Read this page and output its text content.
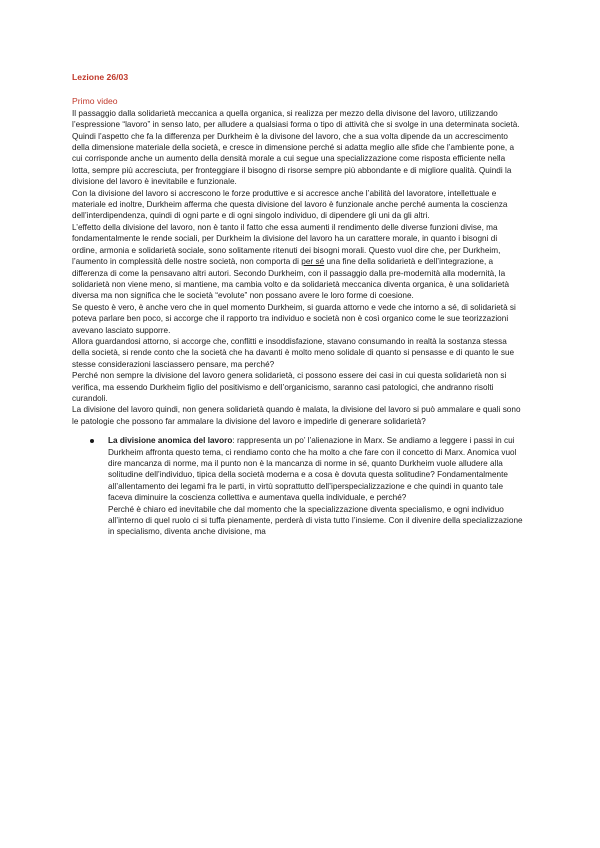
Lezione 26/03
Primo video

Il passaggio dalla solidarietà meccanica a quella organica, si realizza per mezzo della divisone del lavoro, utilizzando l’espressione “lavoro” in senso lato, per alludere a qualsiasi forma o tipo di attività che si svolge in una determinata società.

Quindi l’aspetto che fa la differenza per Durkheim è la divisone del lavoro, che a sua volta dipende da un accrescimento della dimensione materiale della società, e cresce in dimensione perché si adatta meglio alle sfide che l’ambiente pone, a cui corrisponde anche un aumento della densità morale a cui segue una specializzazione come risposta efficiente nella lotta, sempre più accresciuta, per fronteggiare il bisogno di risorse sempre più abbondante e di migliore qualità. Quindi la divisione del lavoro è inevitabile e funzionale.

Con la divisione del lavoro si accrescono le forze produttive e si accresce anche l’abilità del lavoratore, intellettuale e materiale ed inoltre, Durkheim afferma che questa divisione del lavoro è funzionale anche perché aumenta la coscienza dell’interdipendenza, quindi di ogni parte e di ogni singolo individuo, di dipendere gli uni da gli altri.

L’effetto della divisione del lavoro, non è tanto il fatto che essa aumenti il rendimento delle diverse funzioni divise, ma fondamentalmente le rende sociali, per Durkheim la divisione del lavoro ha un carattere morale, in quanto i bisogni di ordine, armonia e solidarietà sociale, sono solitamente ritenuti dei bisogni morali. Questo vuol dire che, per Durkheim, l’aumento in complessità delle nostre società, non comporta di per sé una fine della solidarietà e dell’integrazione, a differenza di come la pensavano altri autori. Secondo Durkheim, con il passaggio dalla pre-modernità alla modernità, la solidarietà non viene meno, si mantiene, ma cambia volto e da solidarietà meccanica diventa organica, è una solidarietà diversa ma non significa che le società “evolute” non possano avere le loro forme di coesione.

Se questo è vero, è anche vero che in quel momento Durkheim, si guarda attorno e vede che intorno a sé, di solidarietà si poteva parlare ben poco, si accorge che il rapporto tra individuo e società non è così organico come le sue teorizzazioni avevano lasciato supporre.

Allora guardandosi attorno, si accorge che, conflitti e insoddisfazione, stavano consumando in realtà la sostanza stessa della società, si rende conto che la società che ha davanti è molto meno solidale di quanto si pensasse e di quanto le sue stesse considerazioni lasciassero pensare, ma perché?

Perché non sempre la divisione del lavoro genera solidarietà, ci possono essere dei casi in cui questa solidarietà non si verifica, ma essendo Durkheim figlio del positivismo e dell’organicismo, saranno casi patologici, che andranno risolti curandoli.

La divisione del lavoro quindi, non genera solidarietà quando è malata, la divisione del lavoro si può ammalare e quali sono le patologie che possono far ammalare la divisione del lavoro e impedirle di generare solidarietà?

La divisione anomica del lavoro: rappresenta un po’ l’alienazione in Marx. Se andiamo a leggere i passi in cui Durkheim affronta questo tema, ci rendiamo conto che ha molto a che fare con il concetto di Marx. Anomica vuol dire mancanza di norme, ma il punto non è la mancanza di norme in sé, quanto Durkheim vuole alludere alla solitudine dell’individuo, tipica della società moderna e a cosa è dovuta questa solitudine? Fondamentalmente all’allentamento dei legami fra le parti, in virtù soprattutto dell’iperspecializzazione e che quindi in quanto tale faceva diminuire la coscienza collettiva e aumentava quella individuale, e perché?

Perché è chiaro ed inevitabile che dal momento che la specializzazione diventa specialismo, e ogni individuo all’interno di quel ruolo ci si tuffa pienamente, perderà di vista tutto l’insieme. Con il divenire della specializzazione in specialismo, diventa anche divisione, ma
